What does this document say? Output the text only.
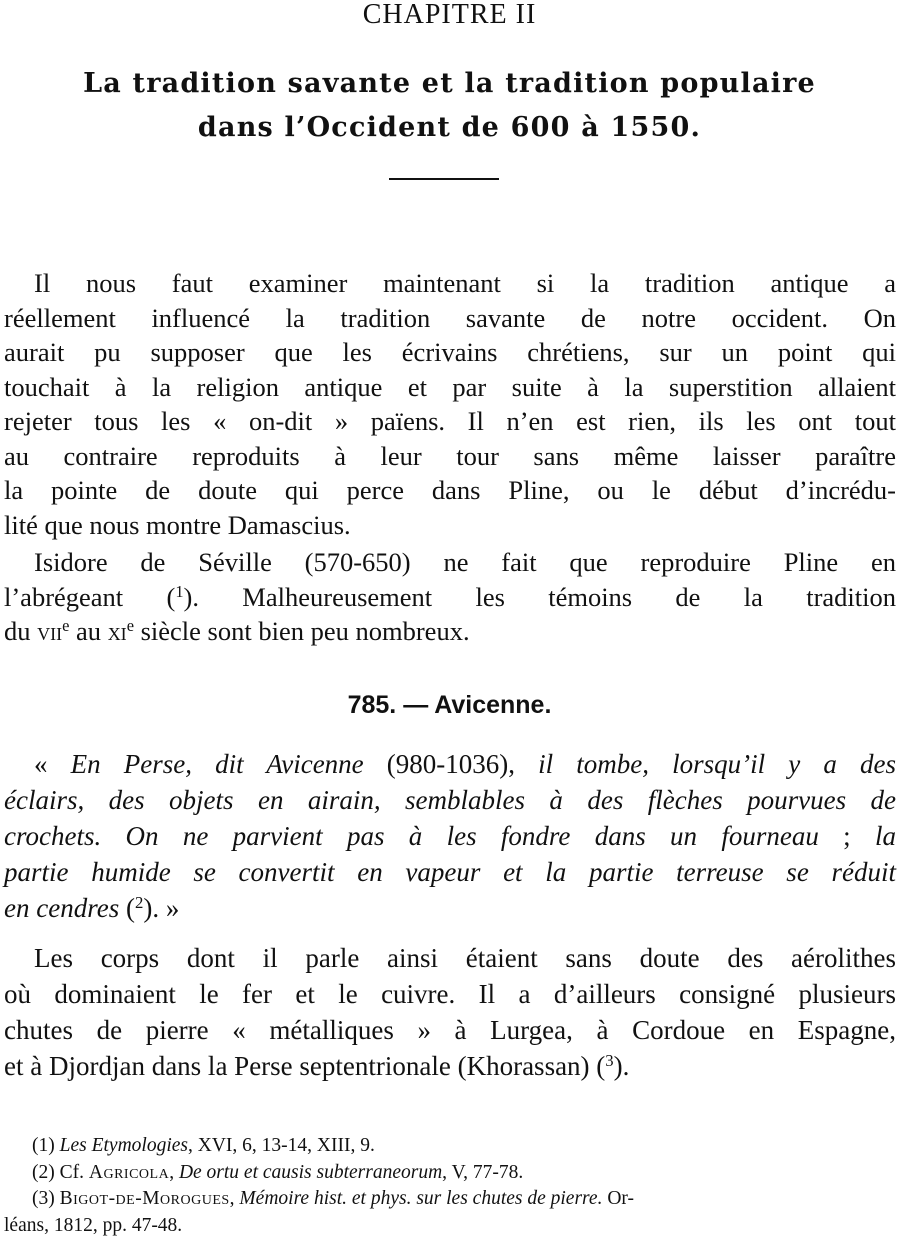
CHAPITRE II
La tradition savante et la tradition populaire
dans l’Occident de 600 à 1550.
Il nous faut examiner maintenant si la tradition antique a
réellement influencé la tradition savante de notre occident. On
aurait pu supposer que les écrivains chrétiens, sur un point qui
touchait à la religion antique et par suite à la superstition allaient
rejeter tous les « on-dit » païens. Il n’en est rien, ils les ont tout
au contraire reproduits à leur tour sans même laisser paraître
la pointe de doute qui perce dans Pline, ou le début d’incrédu-
lité que nous montre Damascius.
Isidore de Séville (570-650) ne fait que reproduire Pline en
l’abrégeant ($^1$). Malheureusement les témoins de la tradition
du vii$^e$ au $xi^e$ siècle sont bien peu nombreux.
785. — Avicenne.
« En Perse, dit Avicenne (980-1036), il tombe, lorsqu’il y a des
éclairs, des objets en airain, semblables à des flèches pourvues de
crochets. On ne parvient pas à les fondre dans un fourneau ; la
partie humide se convertit en vapeur et la partie terreuse se réduit
en cendres ($^2$). »
Les corps dont il parle ainsi étaient sans doute des aérolithes
où dominaient le fer et le cuivre. Il a d’ailleurs consigné plusieurs
chutes de pierre « métalliques » à Lurgea, à Cordoue en Espagne,
et à Djordjan dans la Perse septentrionale (Khorassan) ($^3$).
(1) Les Etymologies, XVI, 6, 13-14, XIII, 9.
(2) Cf. Agricola, De ortu et causis subterraneorum, V, 77-78.
(3) Bigot-de-Morogues, Mémoire hist. et phys. sur les chutes de pierre. Or-
léans, 1812, pp. 47-48.
